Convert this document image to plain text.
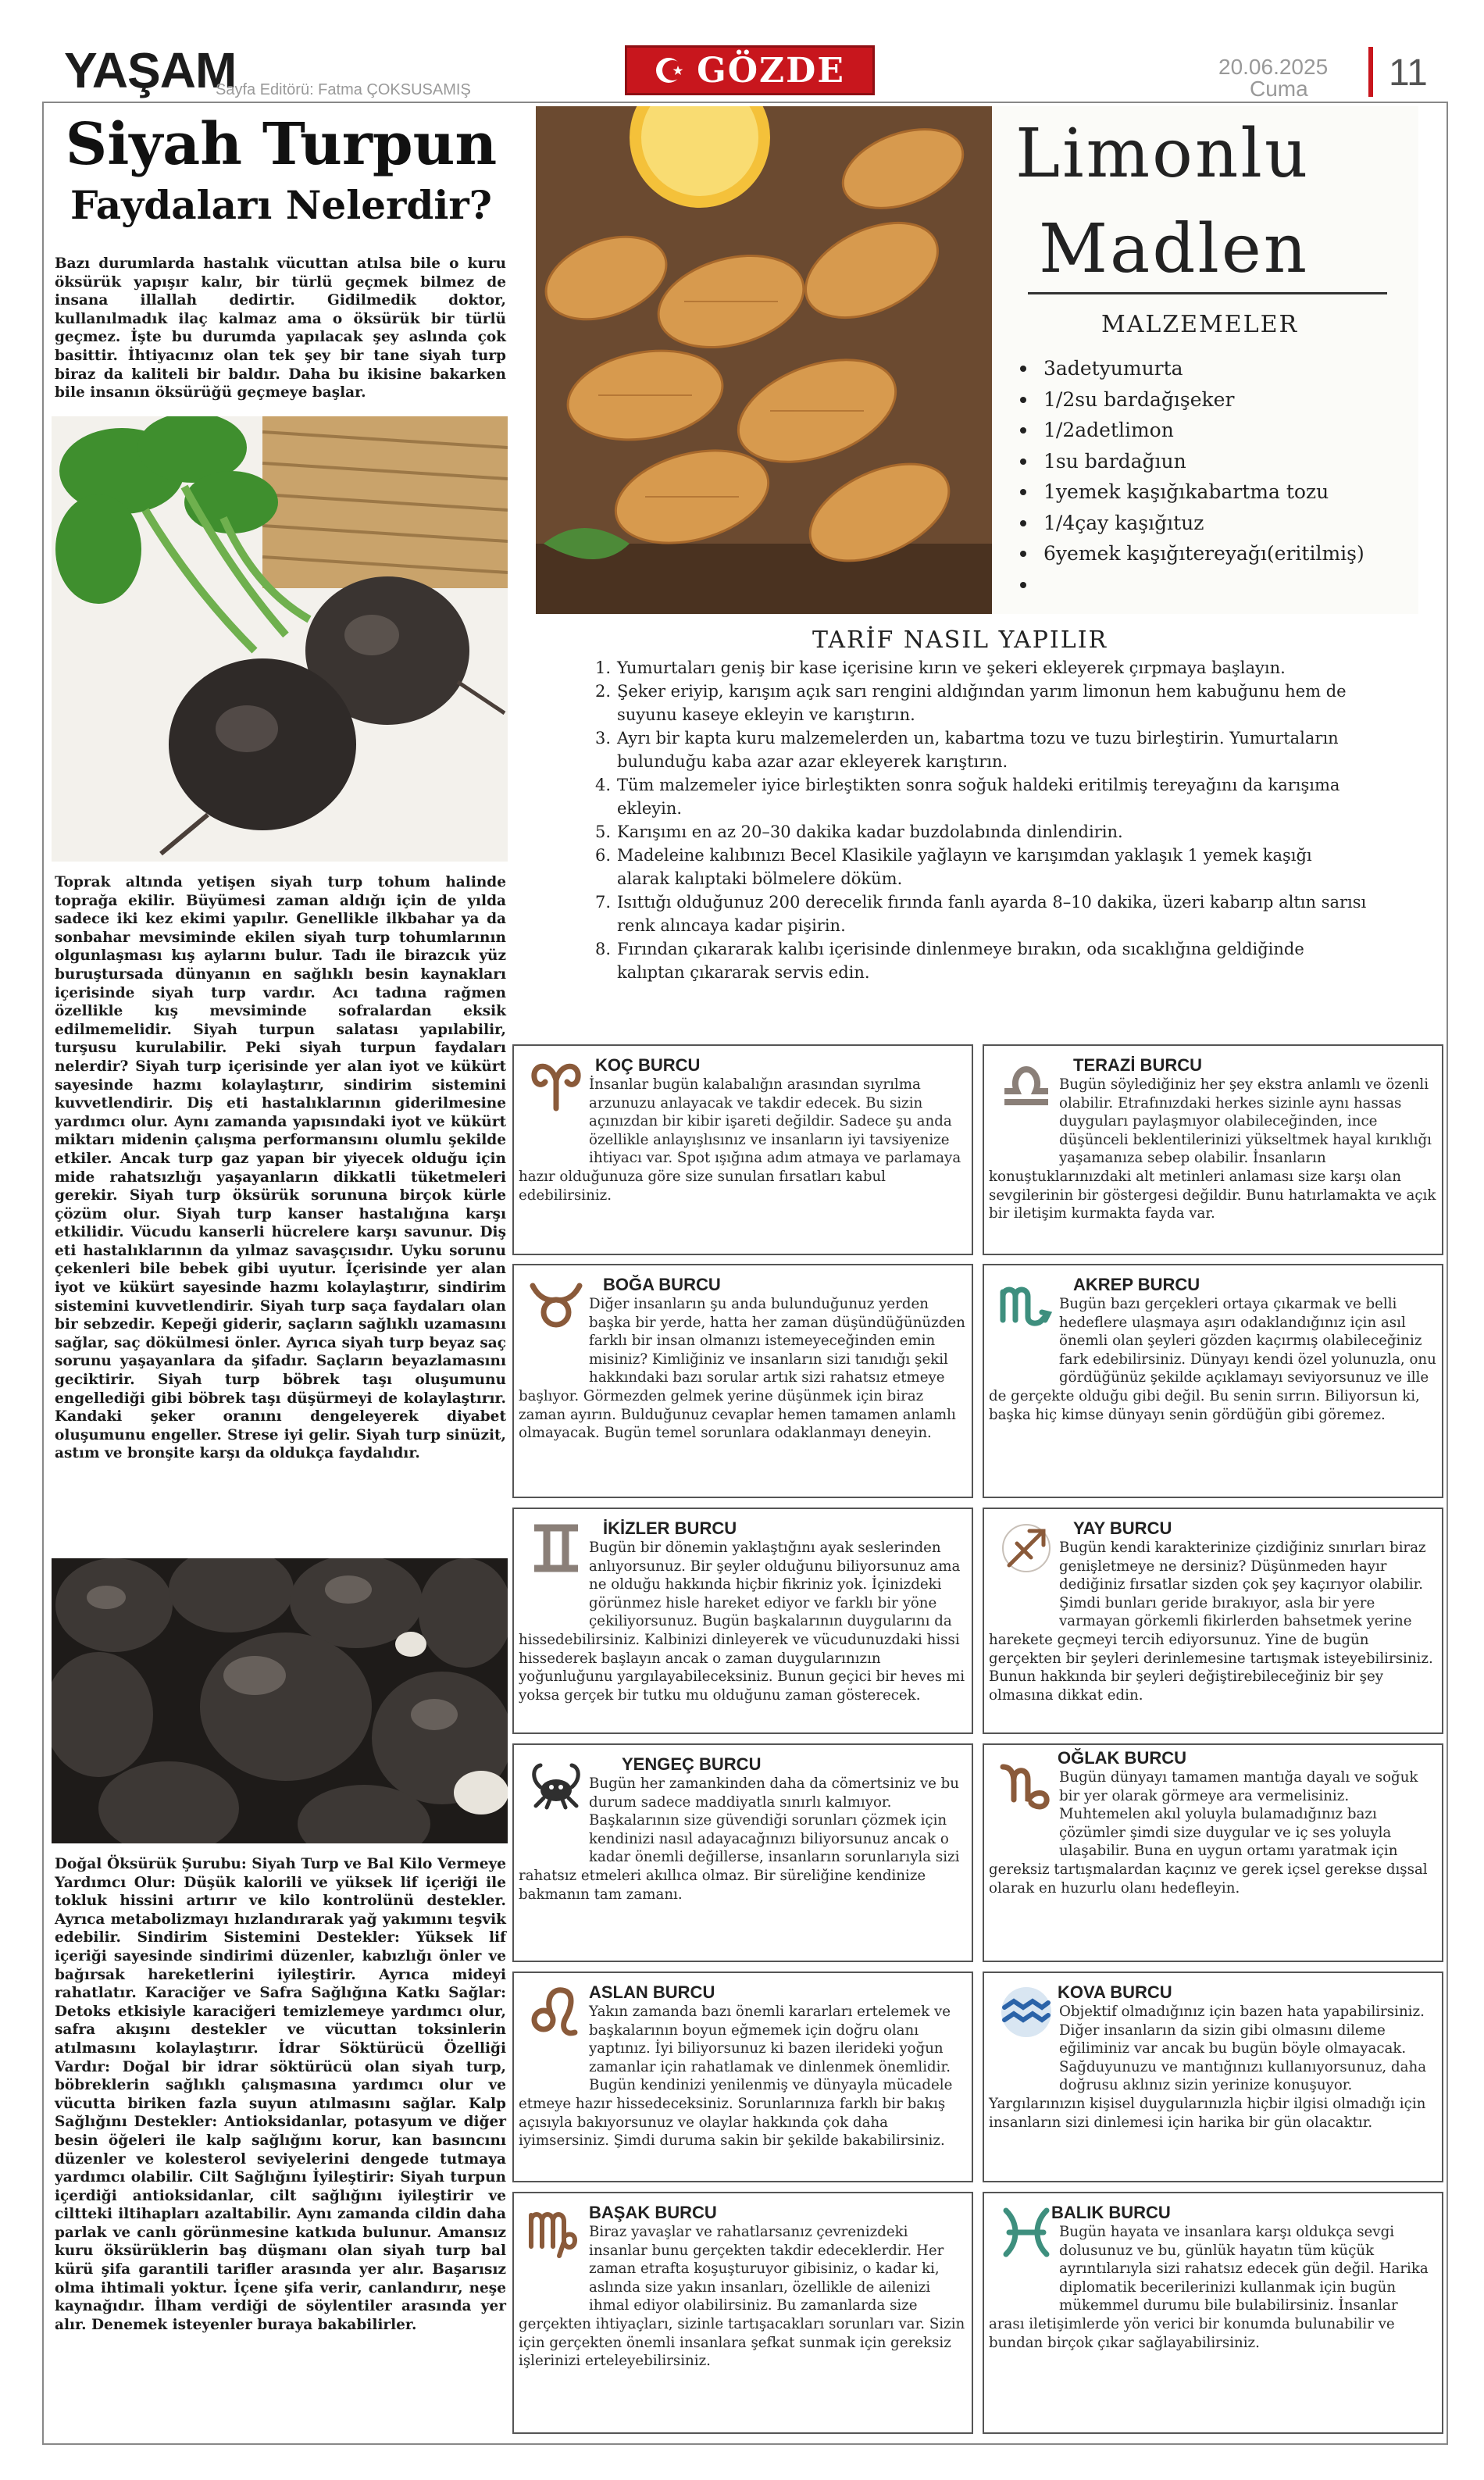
YAŞAM
Sayfa Editörü: Fatma ÇOKSUSAMIŞ	GÖZDE	20.06.2025
Cuma 11
Siyah Turpun
Faydaları Nelerdir?
Bazı durumlarda hastalık vücuttan atılsa bile o kuru öksürük yapışır kalır, bir türlü geçmek bilmez de insana illallah dedirtir. Gidilmedik doktor, kullanılmadık ilaç kalmaz ama o öksürük bir türlü geçmez. İşte bu durumda yapılacak şey aslında çok basittir. İhtiyacınız olan tek şey bir tane siyah turp biraz da kaliteli bir baldır. Daha bu ikisine bakarken bile insanın öksürüğü geçmeye başlar.
Toprak altında yetişen siyah turp tohum halinde toprağa ekilir. Büyümesi zaman aldığı için de yılda sadece iki kez ekimi yapılır. Genellikle ilkbahar ya da sonbahar mevsiminde ekilen siyah turp tohumlarının olgunlaşması kış aylarını bulur. Tadı ile birazcık yüz buruştursada dünyanın en sağlıklı besin kaynakları içerisinde siyah turp vardır. Acı tadına rağmen özellikle kış mevsiminde sofralardan eksik edilmemelidir. Siyah turpun salatası yapılabilir, turşusu kurulabilir. Peki siyah turpun faydaları nelerdir? Siyah turp içerisinde yer alan iyot ve kükürt sayesinde hazmı kolaylaştırır, sindirim sistemini kuvvetlendirir. Diş eti hastalıklarının giderilmesine yardımcı olur. Aynı zamanda yapısındaki iyot ve kükürt miktarı midenin çalışma performansını olumlu şekilde etkiler. Ancak turp gaz yapan bir yiyecek olduğu için mide rahatsızlığı yaşayanların dikkatli tüketmeleri gerekir. Siyah turp öksürük sorununa birçok kürle çözüm olur. Siyah turp kanser hastalığına karşı etkilidir. Vücudu kanserli hücrelere karşı savunur. Diş eti hastalıklarının da yılmaz savaşçısıdır. Uyku sorunu çekenleri bile bebek gibi uyutur. İçerisinde yer alan iyot ve kükürt sayesinde hazmı kolaylaştırır, sindirim sistemini kuvvetlendirir. Siyah turp saça faydaları olan bir sebzedir. Kepeği giderir, saçların sağlıklı uzamasını sağlar, saç dökülmesi önler. Ayrıca siyah turp beyaz saç sorunu yaşayanlara da şifadır. Saçların beyazlamasını geciktirir. Siyah turp böbrek taşı oluşumunu engellediği gibi böbrek taşı düşürmeyi de kolaylaştırır. Kandaki şeker oranını dengeleyerek diyabet oluşumunu engeller. Strese iyi gelir. Siyah turp sinüzit, astım ve bronşite karşı da oldukça faydalıdır.
Doğal Öksürük Şurubu: Siyah Turp ve Bal Kilo Vermeye Yardımcı Olur: Düşük kalorili ve yüksek lif içeriği ile tokluk hissini artırır ve kilo kontrolünü destekler. Ayrıca metabolizmayı hızlandırarak yağ yakımını teşvik edebilir. Sindirim Sistemini Destekler: Yüksek lif içeriği sayesinde sindirimi düzenler, kabızlığı önler ve bağırsak hareketlerini iyileştirir. Ayrıca mideyi rahatlatır. Karaciğer ve Safra Sağlığına Katkı Sağlar: Detoks etkisiyle karaciğeri temizlemeye yardımcı olur, safra akışını destekler ve vücuttan toksinlerin atılmasını kolaylaştırır. İdrar Söktürücü Özelliği Vardır: Doğal bir idrar söktürücü olan siyah turp, böbreklerin sağlıklı çalışmasına yardımcı olur ve vücutta biriken fazla suyun atılmasını sağlar. Kalp Sağlığını Destekler: Antioksidanlar, potasyum ve diğer besin öğeleri ile kalp sağlığını korur, kan basıncını düzenler ve kolesterol seviyelerini dengede tutmaya yardımcı olabilir. Cilt Sağlığını İyileştirir: Siyah turpun içerdiği antioksidanlar, cilt sağlığını iyileştirir ve ciltteki iltihapları azaltabilir. Aynı zamanda cildin daha parlak ve canlı görünmesine katkıda bulunur. Amansız kuru öksürüklerin baş düşmanı olan siyah turp bal kürü şifa garantili tarifler arasında yer alır. Başarısız olma ihtimali yoktur. İçene şifa verir, canlandırır, neşe kaynağıdır. İlham verdiği de söylentiler arasında yer alır. Denemek isteyenler buraya bakabilirler.
Limonlu
Madlen
MALZEMELER
3adetyumurta
1/2su bardağışeker
1/2adetlimon
1su bardağıun
1yemek kaşığıkabartma tozu
1/4çay kaşığıtuz
6yemek kaşığıtereyağı(eritilmiş)
TARİF NASIL YAPILIR
1. Yumurtaları geniş bir kase içerisine kırın ve şekeri ekleyerek çırpmaya başlayın.
2. Şeker eriyip, karışım açık sarı rengini aldığından yarım limonun hem kabuğunu hem de suyunu kaseye ekleyin ve karıştırın.
3. Ayrı bir kapta kuru malzemelerden un, kabartma tozu ve tuzu birleştirin. Yumurtaların bulunduğu kaba azar azar ekleyerek karıştırın.
4. Tüm malzemeler iyice birleştikten sonra soğuk haldeki eritilmiş tereyağını da karışıma ekleyin.
5. Karışımı en az 20–30 dakika kadar buzdolabında dinlendirin.
6. Madeleine kalıbınızı Becel Klasikile yağlayın ve karışımdan yaklaşık 1 yemek kaşığı alarak kalıptaki bölmelere döküm.
7. Isıttığı olduğunuz 200 derecelik fırında fanlı ayarda 8–10 dakika, üzeri kabarıp altın sarısı renk alıncaya kadar pişirin.
8. Fırından çıkararak kalıbı içerisinde dinlenmeye bırakın, oda sıcaklığına geldiğinde kalıptan çıkararak servis edin.
KOÇ BURCU
İnsanlar bugün kalabalığın arasından sıyrılma arzunuzu anlayacak ve takdir edecek. Bu sizin açınızdan bir kibir işareti değildir. Sadece şu anda özellikle anlayışlısınız ve insanların iyi tavsiyenize ihtiyacı var. Spot ışığına adım atmaya ve parlamaya hazır olduğunuza göre size sunulan fırsatları kabul edebilirsiniz.
TERAZİ BURCU
Bugün söylediğiniz her şey ekstra anlamlı ve özenli olabilir. Etrafınızdaki herkes sizinle aynı hassas duyguları paylaşmıyor olabileceğinden, ince düşünceli beklentilerinizi yükseltmek hayal kırıklığı yaşamanıza sebep olabilir. İnsanların konuştuklarınızdaki alt metinleri anlaması size karşı olan sevgilerinin bir göstergesi değildir. Bunu hatırlamakta ve açık bir iletişim kurmakta fayda var.
BOĞA BURCU
Diğer insanların şu anda bulunduğunuz yerden başka bir yerde, hatta her zaman düşündüğünüzden farklı bir insan olmanızı istemeyeceğinden emin misiniz? Kimliğiniz ve insanların sizi tanıdığı şekil hakkındaki bazı sorular artık sizi rahatsız etmeye başlıyor. Görmezden gelmek yerine düşünmek için biraz zaman ayırın. Bulduğunuz cevaplar hemen tamamen anlamlı olmayacak. Bugün temel sorunlara odaklanmayı deneyin.
AKREP BURCU
Bugün bazı gerçekleri ortaya çıkarmak ve belli hedeflere ulaşmaya aşırı odaklandığınız için asıl önemli olan şeyleri gözden kaçırmış olabileceğiniz fark edebilirsiniz. Dünyayı kendi özel yolunuzla, onu gördüğünüz şekilde açıklamayı seviyorsunuz ve ille de gerçekte olduğu gibi değil. Bu senin sırrın. Biliyorsun ki, başka hiç kimse dünyayı senin gördüğün gibi göremez.
İKİZLER BURCU
Bugün bir dönemin yaklaştığını ayak seslerinden anlıyorsunuz. Bir şeyler olduğunu biliyorsunuz ama ne olduğu hakkında hiçbir fikriniz yok. İçinizdeki görünmez hisle hareket ediyor ve farklı bir yöne çekiliyorsunuz. Bugün başkalarının duygularını da hissedebilirsiniz. Kalbinizi dinleyerek ve vücudunuzdaki hissi hissederek başlayın ancak o zaman duygularınızın yoğunluğunu yargılayabileceksiniz. Bunun geçici bir heves mi yoksa gerçek bir tutku mu olduğunu zaman gösterecek.
YAY BURCU
Bugün kendi karakterinize çizdiğiniz sınırları biraz genişletmeye ne dersiniz? Düşünmeden hayır dediğiniz fırsatlar sizden çok şey kaçırıyor olabilir. Şimdi bunları geride bırakıyor, asla bir yere varmayan görkemli fikirlerden bahsetmek yerine harekete geçmeyi tercih ediyorsunuz. Yine de bugün gerçekten bir şeyleri derinlemesine tartışmak isteyebilirsiniz. Bunun hakkında bir şeyleri değiştirebileceğiniz bir şey olmasına dikkat edin.
YENGEÇ BURCU
Bugün her zamankinden daha da cömertsiniz ve bu durum sadece maddiyatla sınırlı kalmıyor. Başkalarının size güvendiği sorunları çözmek için kendinizi nasıl adayacağınızı biliyorsunuz ancak o kadar önemli değillerse, insanların sorunlarıyla sizi rahatsız etmeleri akıllıca olmaz. Bir süreliğine kendinize bakmanın tam zamanı.
OĞLAK BURCU
Bugün dünyayı tamamen mantığa dayalı ve soğuk bir yer olarak görmeye ara vermelisiniz. Muhtemelen akıl yoluyla bulamadığınız bazı çözümler şimdi size duygular ve iç ses yoluyla ulaşabilir. Buna en uygun ortamı yaratmak için gereksiz tartışmalardan kaçınız ve gerek içsel gerekse dışsal olarak en huzurlu olanı hedefleyin.
ASLAN BURCU
Yakın zamanda bazı önemli kararları ertelemek ve başkalarının boyun eğmemek için doğru olanı yaptınız. İyi biliyorsunuz ki bazen ilerideki yoğun zamanlar için rahatlamak ve dinlenmek önemlidir. Bugün kendinizi yenilenmiş ve dünyayla mücadele etmeye hazır hissedeceksiniz. Sorunlarınıza farklı bir bakış açısıyla bakıyorsunuz ve olaylar hakkında çok daha iyimsersiniz. Şimdi duruma sakin bir şekilde bakabilirsiniz.
KOVA BURCU
Objektif olmadığınız için bazen hata yapabilirsiniz. Diğer insanların da sizin gibi olmasını dileme eğiliminiz var ancak bu bugün böyle olmayacak. Sağduyunuzu ve mantığınızı kullanıyorsunuz, daha doğrusu aklınız sizin yerinize konuşuyor. Yargılarınızın kişisel duygularınızla hiçbir ilgisi olmadığı için insanların sizi dinlemesi için harika bir gün olacaktır.
BAŞAK BURCU
Biraz yavaşlar ve rahatlarsanız çevrenizdeki insanlar bunu gerçekten takdir edeceklerdir. Her zaman etrafta koşuşturuyor gibisiniz, o kadar ki, aslında size yakın insanları, özellikle de ailenizi ihmal ediyor olabilirsiniz. Bu zamanlarda size gerçekten ihtiyaçları, sizinle tartışacakları sorunları var. Sizin için gerçekten önemli insanlara şefkat sunmak için gereksiz işlerinizi erteleyebilirsiniz.
BALIK BURCU
Bugün hayata ve insanlara karşı oldukça sevgi dolusunuz ve bu, günlük hayatın tüm küçük ayrıntılarıyla sizi rahatsız edecek gün değil. Harika diplomatik becerilerinizi kullanmak için bugün mükemmel durumu bile bulabilirsiniz. İnsanlar arası iletişimlerde yön verici bir konumda bulunabilir ve bundan birçok çıkar sağlayabilirsiniz.
